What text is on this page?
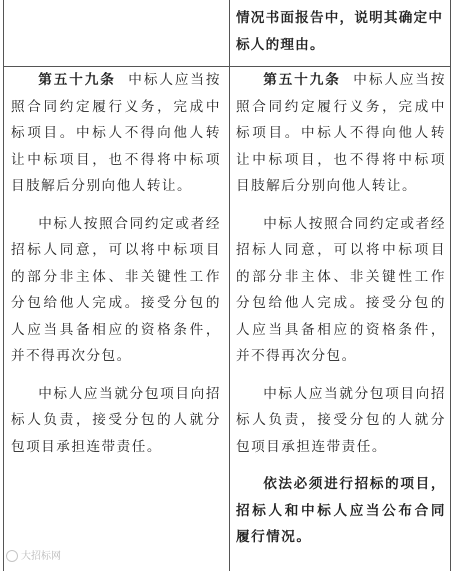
情况书面报告中，说明其确定中
标人的理由。

第五十九条 中标人应当按照合同约定履行义务，完成中标项目。中标人不得向他人转让中标项目，也不得将中标项目肢解后分别向他人转让。

中标人按照合同约定或者经招标人同意，可以将中标项目的部分非主体、非关键性工作分包给他人完成。接受分包的人应当具备相应的资格条件，并不得再次分包。

中标人应当就分包项目向招标人负责，接受分包的人就分包项目承担连带责任。

第五十九条 中标人应当按照合同约定履行义务，完成中标项目。中标人不得向他人转让中标项目，也不得将中标项目肢解后分别向他人转让。

中标人按照合同约定或者经招标人同意，可以将中标项目的部分非主体、非关键性工作分包给他人完成。接受分包的人应当具备相应的资格条件，并不得再次分包。

中标人应当就分包项目向招标人负责，接受分包的人就分包项目承担连带责任。

依法必须进行招标的项目，招标人和中标人应当公布合同履行情况。

大招标网
